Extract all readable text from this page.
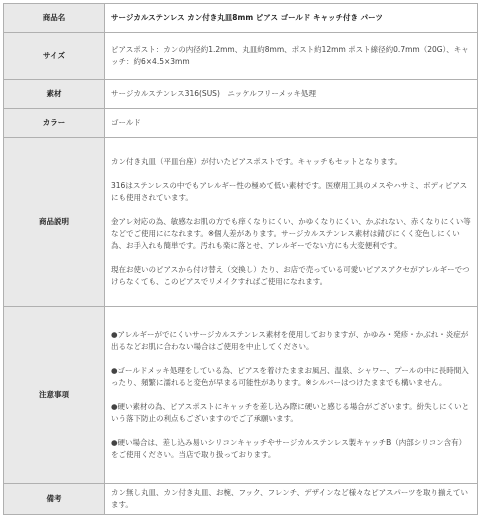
商品名	サージカルステンレス カン付き丸皿8mm ピアス ゴールド キャッチ付き パーツ

サイズ	ピアスポスト：カンの内径約1.2mm、丸皿約8mm、ポスト約12mm ポスト線径約0.7mm（20G）、キャッチ：約6×4.5×3mm

素材	サージカルステンレス316(SUS)　ニッケルフリーメッキ処理

カラー	ゴールド

商品説明	カン付き丸皿（平皿台座）が付いたピアスポストです。キャッチもセットとなります。

316はステンレスの中でもアレルギー性の極めて低い素材です。医療用工具のメスやハサミ、ボディピアスにも使用されています。

金アレ対応の為、敏感なお肌の方でも痒くなりにくい、かゆくなりにくい、かぶれない、赤くなりにくい等などでご使用にになれます。※個人差があります。サージカルステンレス素材は錆びにくく変色しにくい為、お手入れも簡単です。汚れも楽に落とせ、アレルギーでない方にも大変便利です。

現在お使いのピアスから付け替え（交換し）たり、お店で売っている可愛いピアスアクセがアレルギーでつけらなくても、このピアスでリメイクすればご使用になれます。

注意事項	●アレルギーがでにくいサージカルステンレス素材を使用しておりますが、かゆみ・発疹・かぶれ・炎症が出るなどお肌に合わない場合はご使用を中止してください。

●ゴールドメッキ処理をしている為、ピアスを着けたままお風呂、温泉、シャワー、プールの中に長時間入ったり、頻繁に濡れると変色が早まる可能性があります。※シルバーはつけたままでも構いません。

●硬い素材の為、ピアスポストにキャッチを差し込み際に硬いと感じる場合がございます。紛失しにくいという落下防止の利点もございますのでご了承願います。

●硬い場合は、差し込み易いシリコンキャッチやサージカルステンレス製キャッチB（内部シリコン含有）をご使用ください。当店で取り扱っております。

備考	カン無し丸皿、カン付き丸皿、お椀、フック、フレンチ、デザインなど様々なピアスパーツを取り揃えています。
